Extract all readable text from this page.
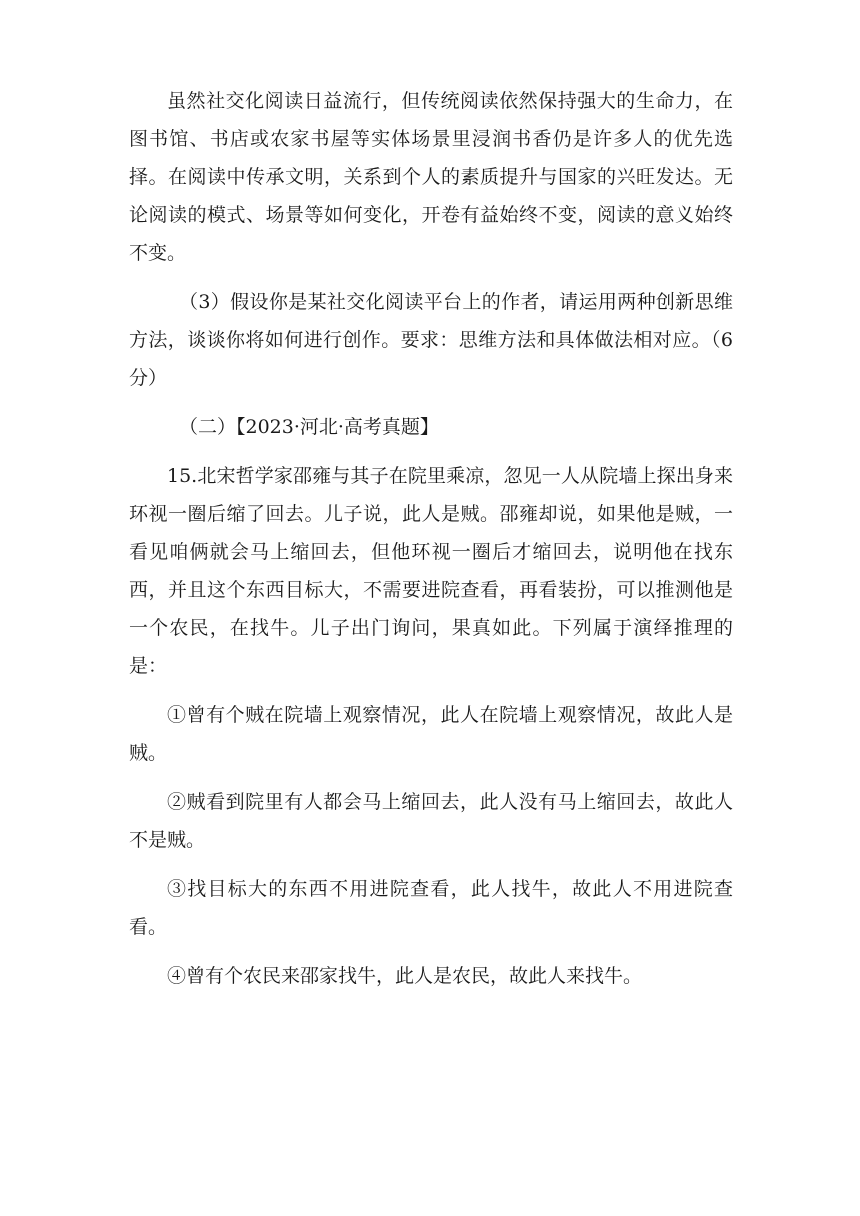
虽然社交化阅读日益流行，但传统阅读依然保持强大的生命力，在图书馆、书店或农家书屋等实体场景里浸润书香仍是许多人的优先选择。在阅读中传承文明，关系到个人的素质提升与国家的兴旺发达。无论阅读的模式、场景等如何变化，开卷有益始终不变，阅读的意义始终不变。

（3）假设你是某社交化阅读平台上的作者，请运用两种创新思维方法，谈谈你将如何进行创作。要求：思维方法和具体做法相对应。（6 分）

（二）【2023·河北·高考真题】

15.北宋哲学家邵雍与其子在院里乘凉，忽见一人从院墙上探出身来环视一圈后缩了回去。儿子说，此人是贼。邵雍却说，如果他是贼，一看见咱俩就会马上缩回去，但他环视一圈后才缩回去，说明他在找东西，并且这个东西目标大，不需要进院查看，再看装扮，可以推测他是一个农民，在找牛。儿子出门询问，果真如此。下列属于演绎推理的是：

①曾有个贼在院墙上观察情况，此人在院墙上观察情况，故此人是贼。

②贼看到院里有人都会马上缩回去，此人没有马上缩回去，故此人不是贼。

③找目标大的东西不用进院查看，此人找牛，故此人不用进院查看。

④曾有个农民来邵家找牛，此人是农民，故此人来找牛。
